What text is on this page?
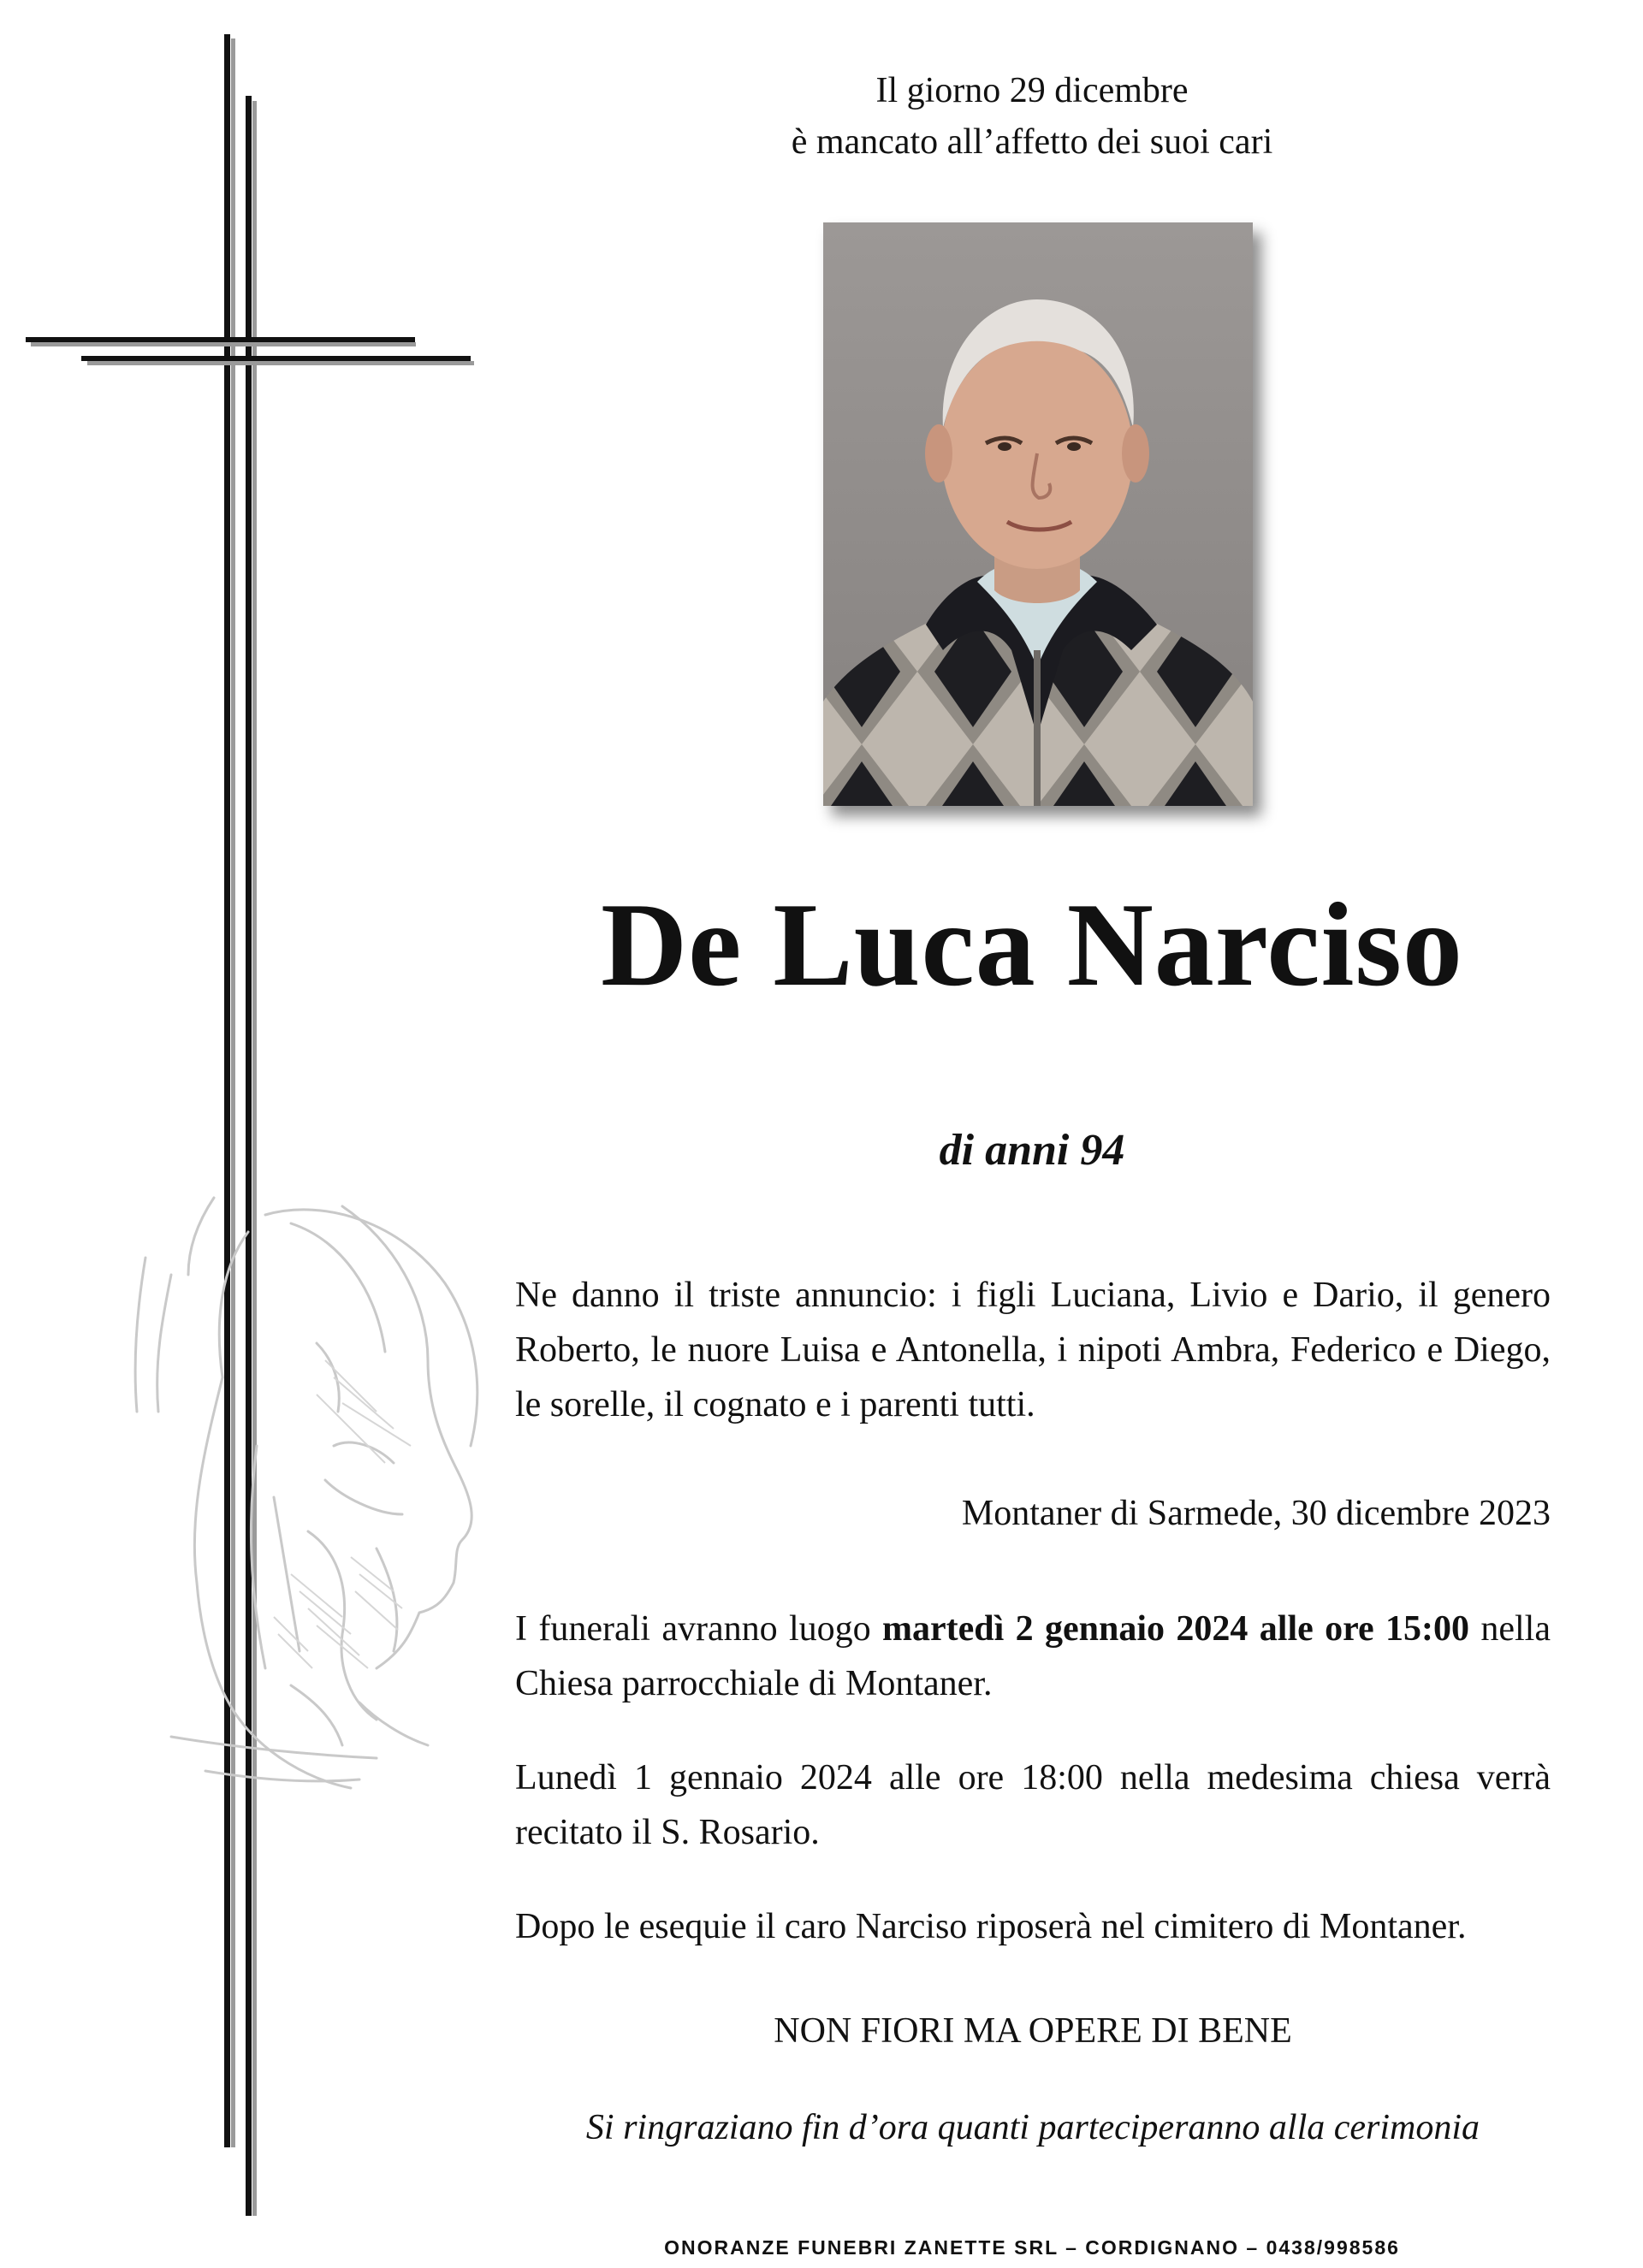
Il giorno 29 dicembre
è mancato all’affetto dei suoi cari
De Luca Narciso
di anni 94
Ne danno il triste annuncio: i figli Luciana, Livio e Dario, il genero Roberto, le nuore Luisa e Antonella, i nipoti Ambra, Federico e Diego, le sorelle, il cognato e i parenti tutti.
Montaner di Sarmede, 30 dicembre 2023
I funerali avranno luogo martedì 2 gennaio 2024 alle ore 15:00 nella Chiesa parrocchiale di Montaner.
Lunedì 1 gennaio 2024 alle ore 18:00 nella medesima chiesa verrà recitato il S. Rosario.
Dopo le esequie il caro Narciso riposerà nel cimitero di Montaner.
NON FIORI MA OPERE DI BENE
Si ringraziano fin d’ora quanti parteciperanno alla cerimonia
ONORANZE FUNEBRI ZANETTE SRL – CORDIGNANO – 0438/998586
